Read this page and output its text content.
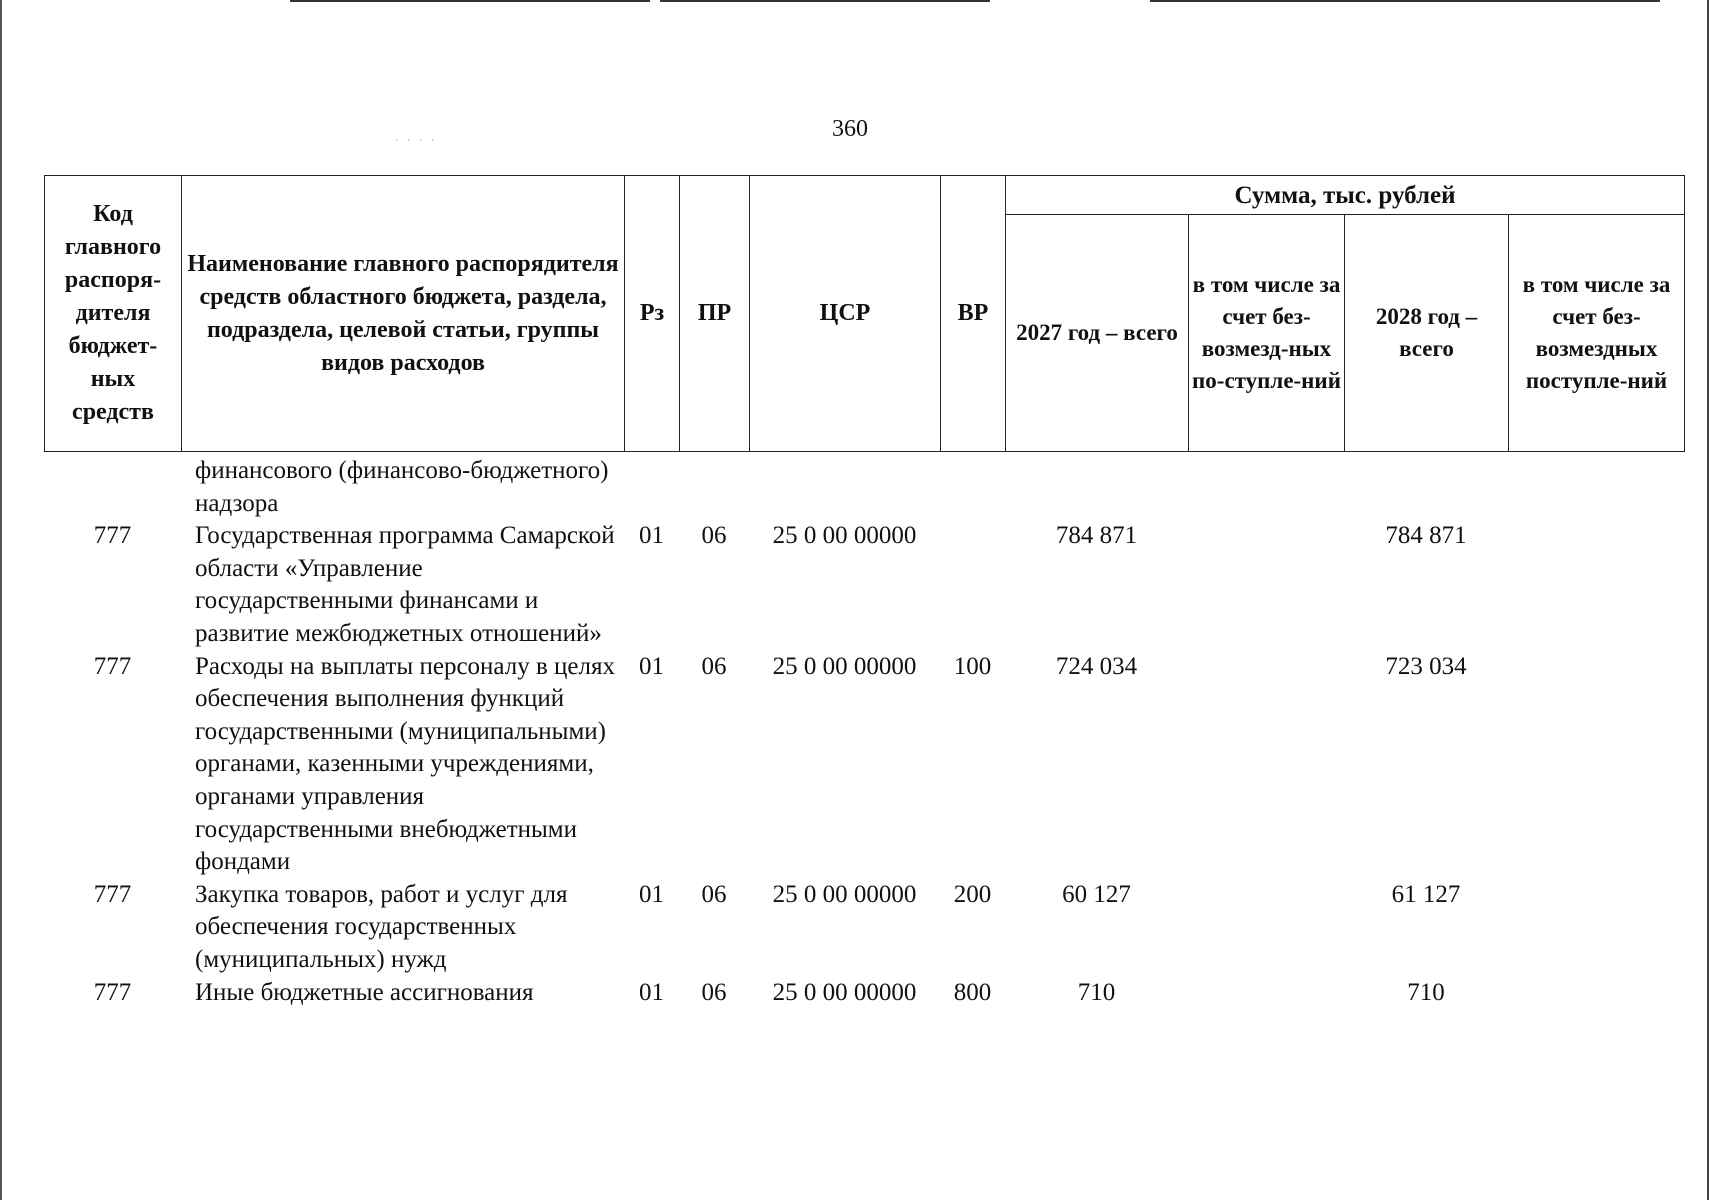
. . . .	360
Код главного распоря-дителя бюджет-ных средств	Наименование главного распорядителя средств областного бюджета, раздела, подраздела, целевой статьи, группы видов расходов	Рз	ПР	ЦСР	ВР	Сумма, тыс. рублей			
						2027 год – всего	в том числе за счет без-возмезд-ных по-ступле-ний	2028 год – всего	в том числе за счет без-возмездных поступле-ний
	финансового (финансово-бюджетного) надзора								
777	Государственная программа Самарской области «Управление государственными финансами и развитие межбюджетных отношений»	01	06	25 0 00 00000		784 871		784 871	
777	Расходы на выплаты персоналу в целях обеспечения выполнения функций государственными (муниципальными) органами, казенными учреждениями, органами управления государственными внебюджетными фондами	01	06	25 0 00 00000	100	724 034		723 034	
777	Закупка товаров, работ и услуг для обеспечения государственных (муниципальных) нужд	01	06	25 0 00 00000	200	60 127		61 127	
777	Иные бюджетные ассигнования	01	06	25 0 00 00000	800	710		710	
